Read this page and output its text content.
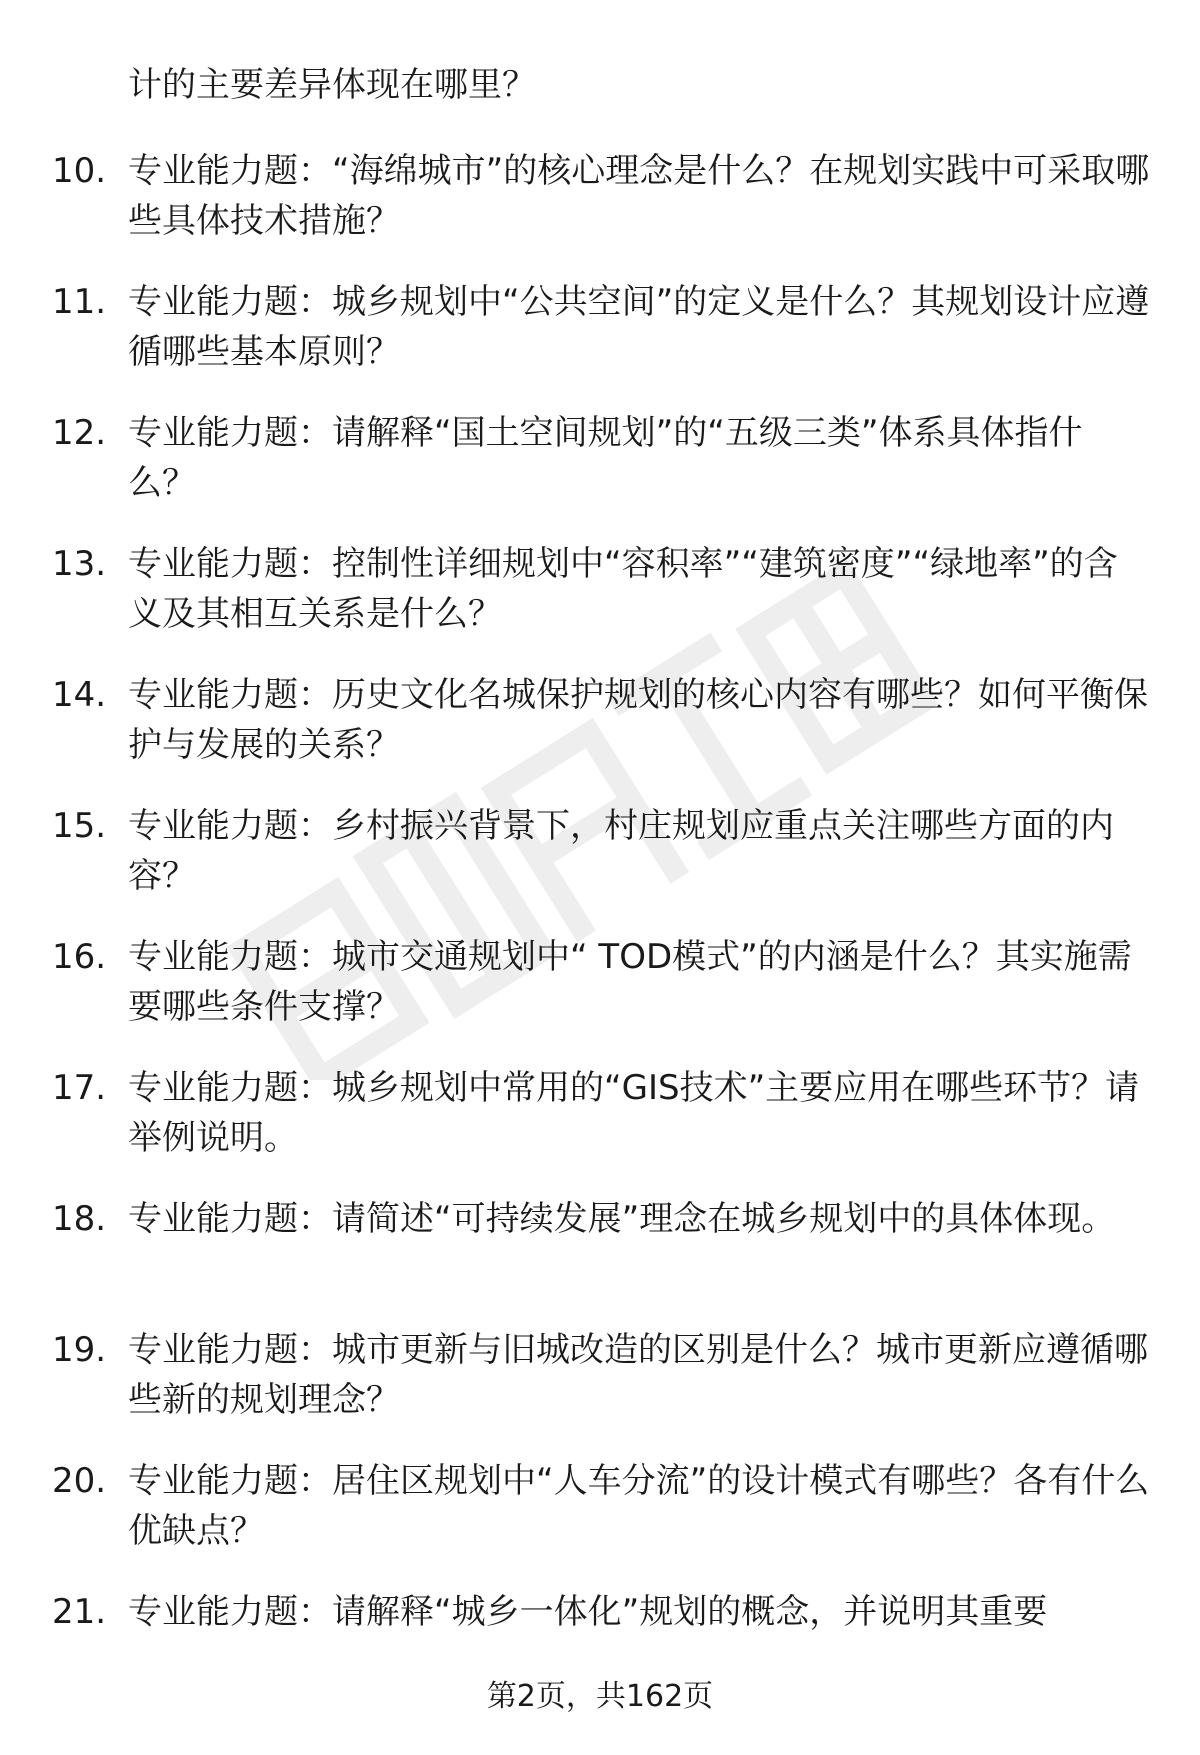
计的主要差异体现在哪里？
10. 专业能力题：“海绵城市”的核心理念是什么？在规划实践中可采取哪些具体技术措施？
11. 专业能力题：城乡规划中“公共空间”的定义是什么？其规划设计应遵循哪些基本原则？
12. 专业能力题：请解释“国土空间规划”的“五级三类”体系具体指什么？
13. 专业能力题：控制性详细规划中“容积率”“建筑密度”“绿地率”的含义及其相互关系是什么？
14. 专业能力题：历史文化名城保护规划的核心内容有哪些？如何平衡保护与发展的关系？
15. 专业能力题：乡村振兴背景下，村庄规划应重点关注哪些方面的内容？
16. 专业能力题：城市交通规划中“ TOD模式”的内涵是什么？其实施需要哪些条件支撑？
17. 专业能力题：城乡规划中常用的“GIS技术”主要应用在哪些环节？请举例说明。
18. 专业能力题：请简述“可持续发展”理念在城乡规划中的具体体现。
19. 专业能力题：城市更新与旧城改造的区别是什么？城市更新应遵循哪些新的规划理念？
20. 专业能力题：居住区规划中“人车分流”的设计模式有哪些？各有什么优缺点？
21. 专业能力题：请解释“城乡一体化”规划的概念，并说明其重要
第2页，共162页
